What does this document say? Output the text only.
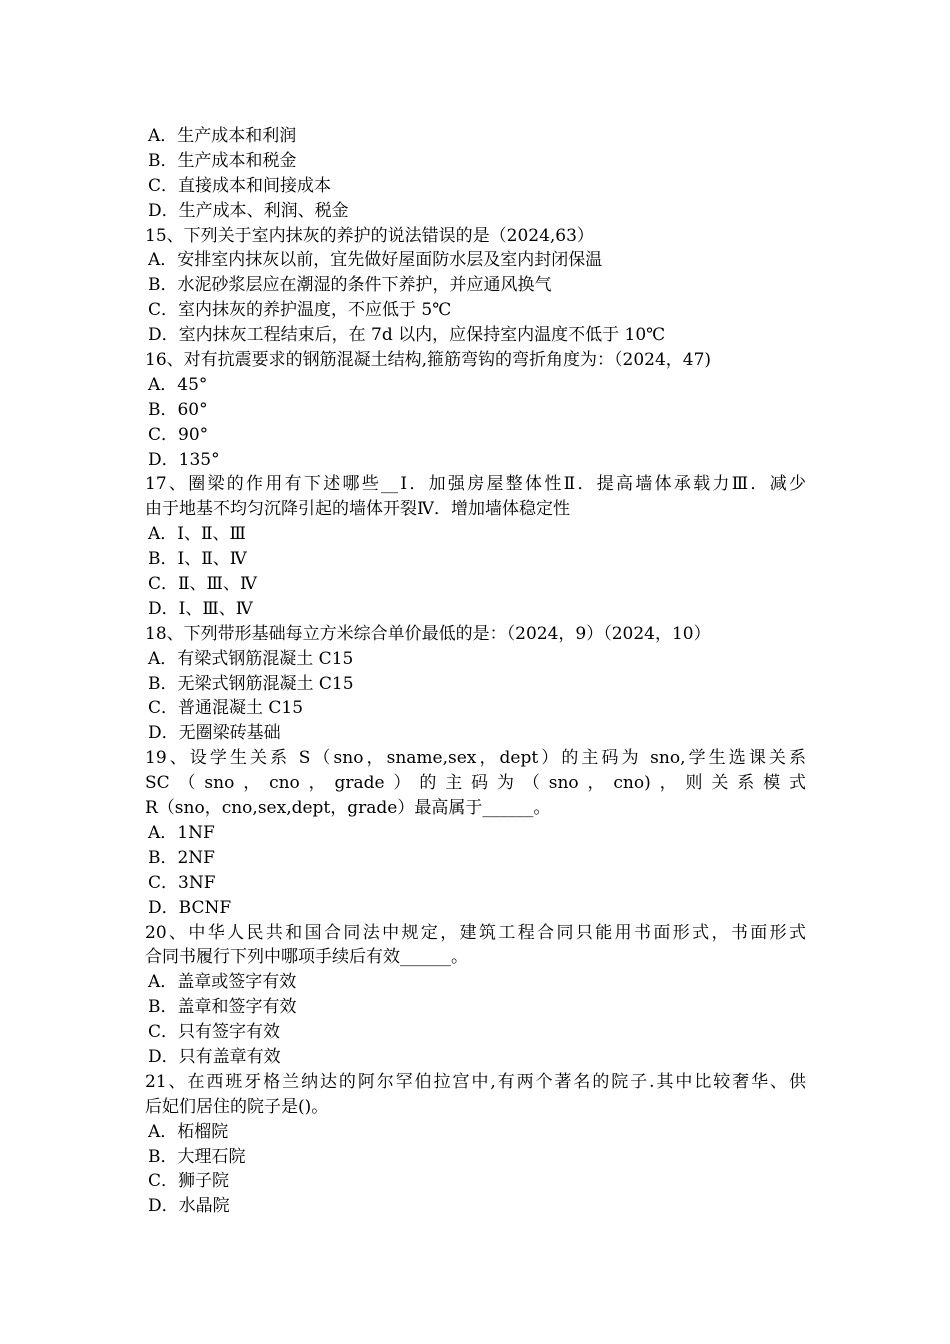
A．生产成本和利润
B．生产成本和税金
C．直接成本和间接成本
D．生产成本、利润、税金
15、下列关于室内抹灰的养护的说法错误的是（2024,63）
A．安排室内抹灰以前，宜先做好屋面防水层及室内封闭保温
B．水泥砂浆层应在潮湿的条件下养护，并应通风换气
C．室内抹灰的养护温度，不应低于 5℃
D．室内抹灰工程结束后，在 7d 以内，应保持室内温度不低于 10℃
16、对有抗震要求的钢筋混凝土结构,箍筋弯钩的弯折角度为：（2024，47)
A．45°
B．60°
C．90°
D．135°
17、圈梁的作用有下述哪些__Ⅰ．加强房屋整体性Ⅱ．提高墙体承载力Ⅲ．减少
由于地基不均匀沉降引起的墙体开裂Ⅳ．增加墙体稳定性
A．Ⅰ、Ⅱ、Ⅲ
B．Ⅰ、Ⅱ、Ⅳ
C．Ⅱ、Ⅲ、Ⅳ
D．Ⅰ、Ⅲ、Ⅳ
18、下列带形基础每立方米综合单价最低的是：（2024，9）（2024，10）
A．有梁式钢筋混凝土 C15
B．无梁式钢筋混凝土 C15
C．普通混凝土 C15
D．无圈梁砖基础
19、设学生关系 S（sno，sname,sex，dept）的主码为 sno,学生选课关系
SC（sno，cno，grade）的主码为（sno，cno)，则关系模式
R（sno，cno,sex,dept，grade）最高属于______。
A．1NF
B．2NF
C．3NF
D．BCNF
20、中华人民共和国合同法中规定，建筑工程合同只能用书面形式，书面形式
合同书履行下列中哪项手续后有效______。
A．盖章或签字有效
B．盖章和签字有效
C．只有签字有效
D．只有盖章有效
21、在西班牙格兰纳达的阿尔罕伯拉宫中,有两个著名的院子.其中比较奢华、供
后妃们居住的院子是()。
A．柘榴院
B．大理石院
C．狮子院
D．水晶院
